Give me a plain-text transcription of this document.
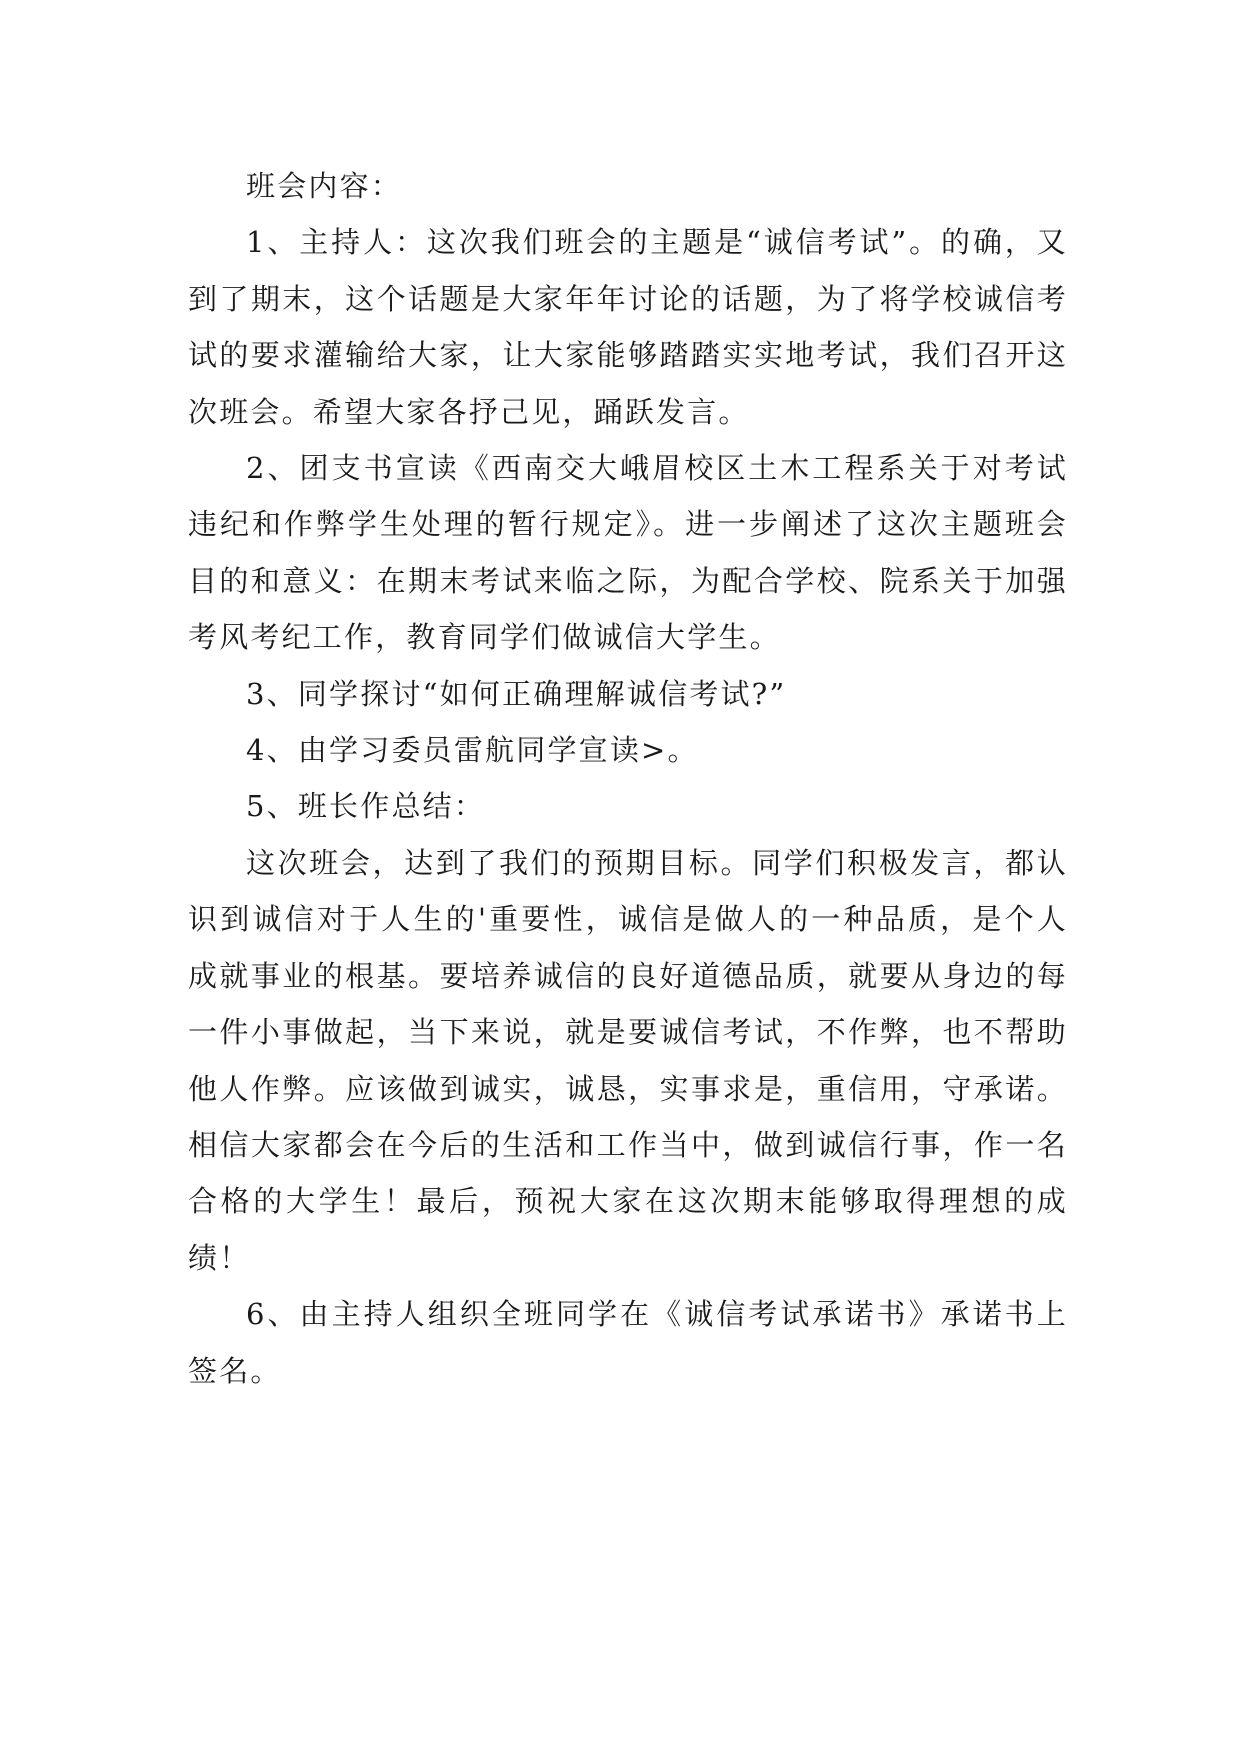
班会内容：

1、主持人：这次我们班会的主题是“诚信考试”。的确，又到了期末，这个话题是大家年年讨论的话题，为了将学校诚信考试的要求灌输给大家，让大家能够踏踏实实地考试，我们召开这次班会。希望大家各抒己见，踊跃发言。

2、团支书宣读《西南交大峨眉校区土木工程系关于对考试违纪和作弊学生处理的暂行规定》。进一步阐述了这次主题班会目的和意义：在期末考试来临之际，为配合学校、院系关于加强考风考纪工作，教育同学们做诚信大学生。

3、同学探讨“如何正确理解诚信考试?”

4、由学习委员雷航同学宣读>。

5、班长作总结：

这次班会，达到了我们的预期目标。同学们积极发言，都认识到诚信对于人生的'重要性，诚信是做人的一种品质，是个人成就事业的根基。要培养诚信的良好道德品质，就要从身边的每一件小事做起，当下来说，就是要诚信考试，不作弊，也不帮助他人作弊。应该做到诚实，诚恳，实事求是，重信用，守承诺。相信大家都会在今后的生活和工作当中，做到诚信行事，作一名合格的大学生！最后，预祝大家在这次期末能够取得理想的成绩！

6、由主持人组织全班同学在《诚信考试承诺书》承诺书上签名。
